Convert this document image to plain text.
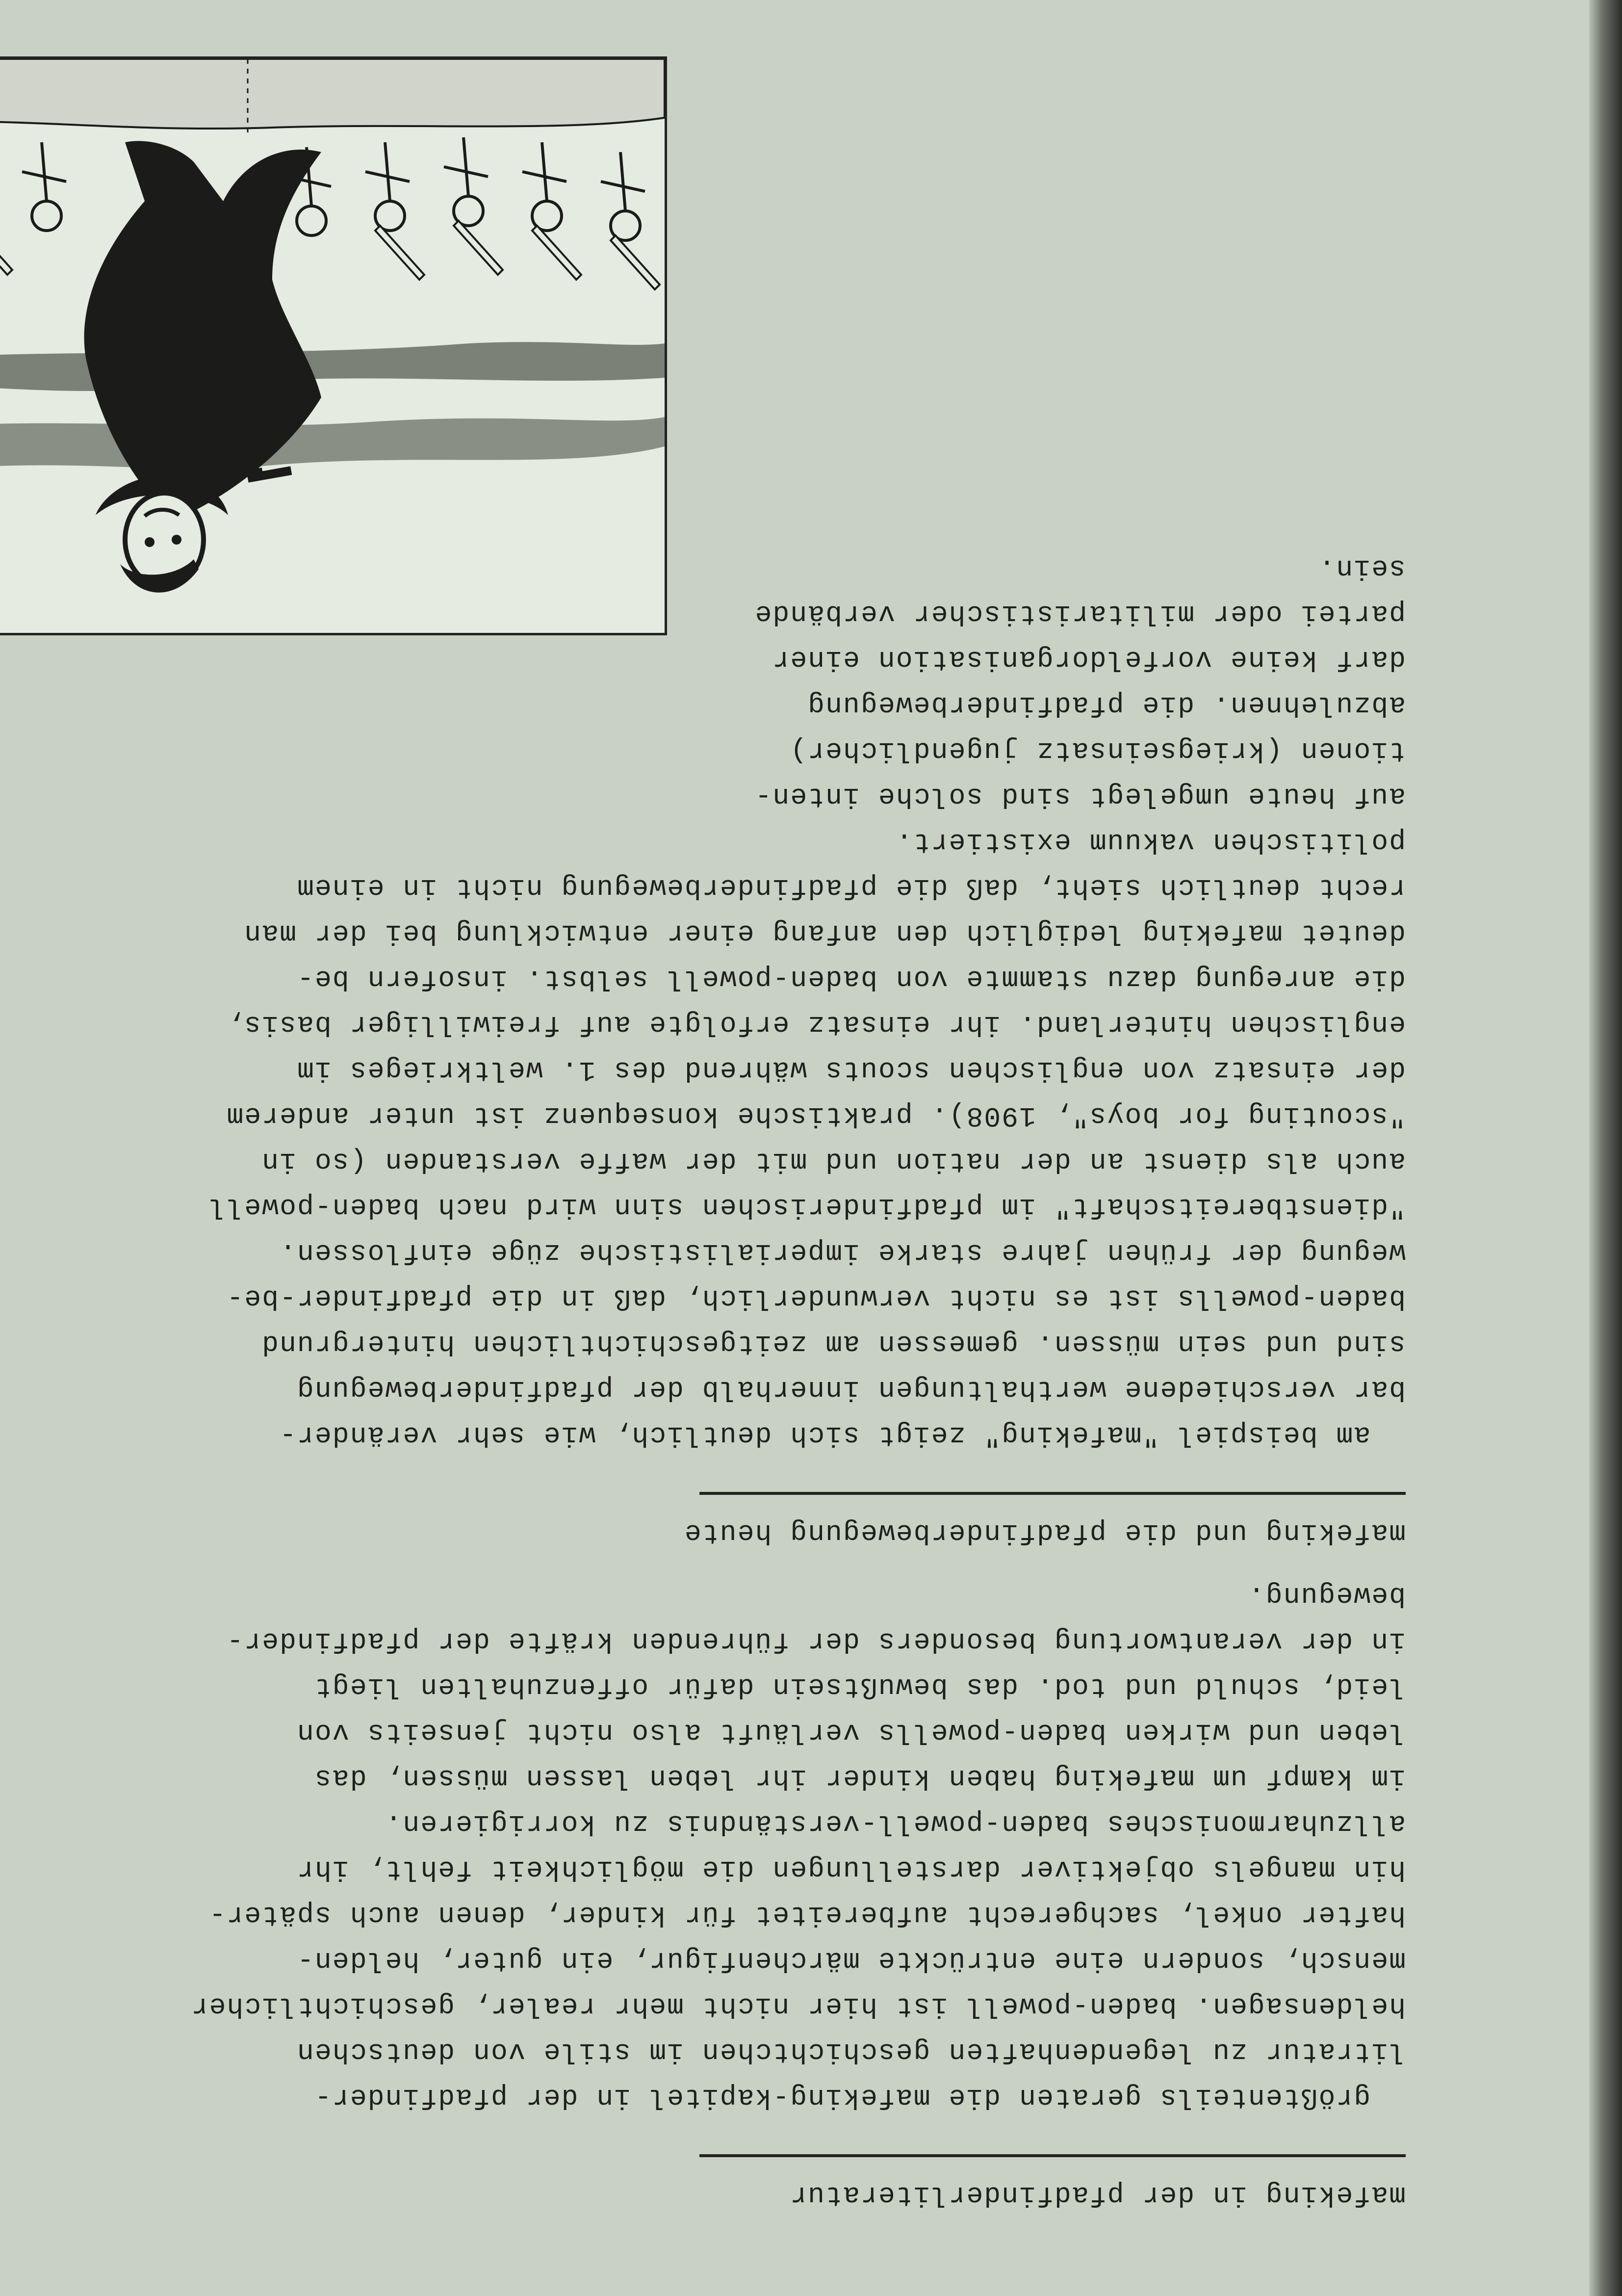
mafeking in der pfadfinderliteratur

größtenteils geraten die mafeking-kapitel in der pfadfinder-

litratur zu legendenhaften geschichtchen im stile von deutschen

heldensagen. baden-powell ist hier nicht mehr realer, geschichtlicher

mensch, sondern eine entrückte märchenfigur, ein guter, helden-

hafter onkel, sachgerecht aufbereitet für kinder, denen auch später-

hin mangels objektiver darstellungen die möglichkeit fehlt, ihr

allzuharmonisches baden-powell-verständnis zu korrigieren.

im kampf um mafeking haben kinder ihr leben lassen müssen, das

leben und wirken baden-powells verläuft also nicht jenseits von

leid, schuld und tod. das bewußtsein dafür offenzuhalten liegt

in der verantwortung besonders der führenden kräfte der pfadfinder-

bewegung.

mafeking und die pfadfinderbewegung heute

am beispiel "mafeking" zeigt sich deutlich, wie sehr veränder-

bar verschiedene werthaltungen innerhalb der pfadfinderbewegung

sind und sein müssen. gemessen am zeitgeschichtlichen hintergrund

baden-powells ist es nicht verwunderlich, daß in die pfadfinder-be-

wegung der frühen jahre starke imperialistische züge einflossen.

"dienstbereitschaft" im pfadfinderischen sinn wird nach baden-powell

auch als dienst an der nation und mit der waffe verstanden (so in

"scouting for boys", 1908). praktische konsequenz ist unter anderem

der einsatz von englischen scouts während des 1. weltkrieges im

englischen hinterland. ihr einsatz erfolgte auf freiwilliger basis,

die anregung dazu stammte von baden-powell selbst. insofern be-

deutet mafeking lediglich den anfang einer entwicklung bei der man

recht deutlich sieht, daß die pfadfinderbewegung nicht in einem

politischen vakuum existiert.

auf heute umgelegt sind solche inten-

tionen (kriegseinsatz jugendlicher)

abzulehnen. die pfadfinderbewegung

darf keine vorfeldorganisation einer

partei oder militaristischer verbände

sein.
